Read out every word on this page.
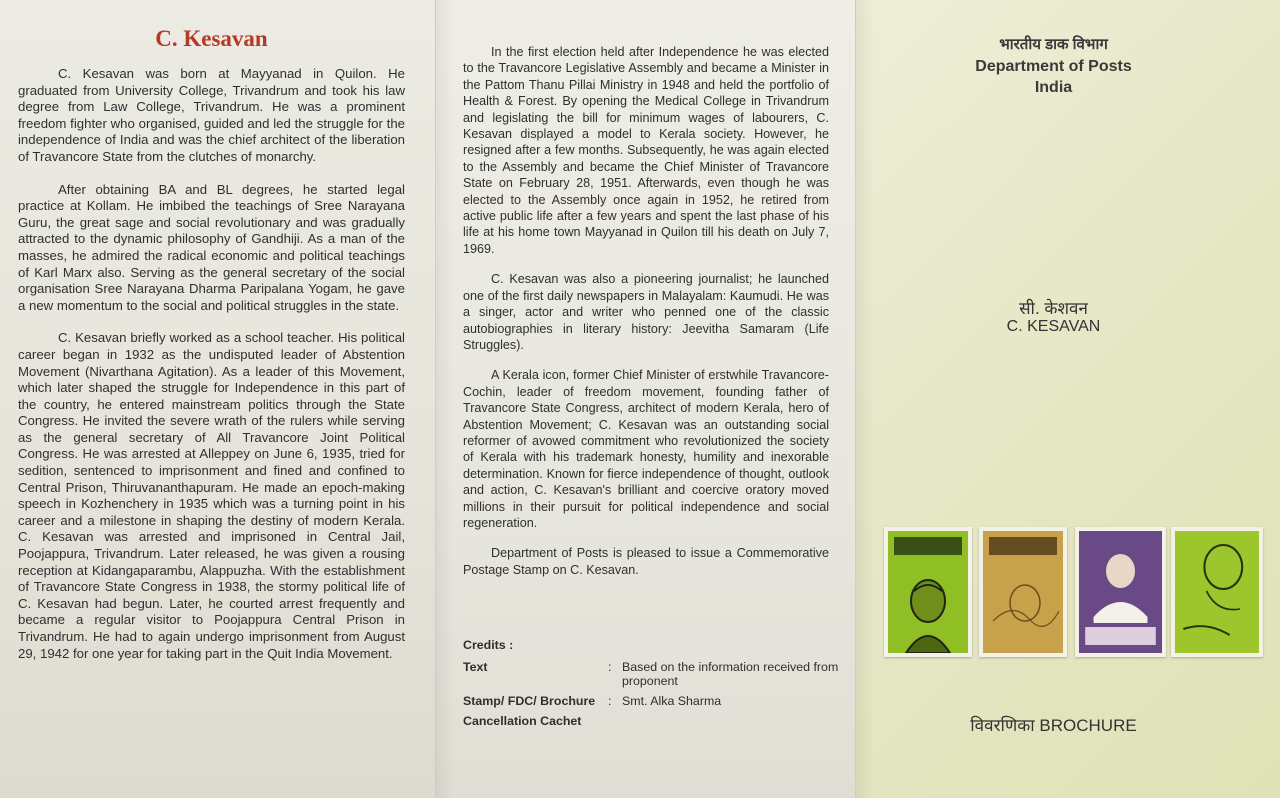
C. Kesavan

C. Kesavan was born at Mayyanad in Quilon. He graduated from University College, Trivandrum and took his law degree from Law College, Trivandrum. He was a prominent freedom fighter who organised, guided and led the struggle for the independence of India and was the chief architect of the liberation of Travancore State from the clutches of monarchy.

After obtaining BA and BL degrees, he started legal practice at Kollam. He imbibed the teachings of Sree Narayana Guru, the great sage and social revolutionary and was gradually attracted to the dynamic philosophy of Gandhiji. As a man of the masses, he admired the radical economic and political teachings of Karl Marx also. Serving as the general secretary of the social organisation Sree Narayana Dharma Paripalana Yogam, he gave a new momentum to the social and political struggles in the state.

C. Kesavan briefly worked as a school teacher. His political career began in 1932 as the undisputed leader of Abstention Movement (Nivarthana Agitation). As a leader of this Movement, which later shaped the struggle for Independence in this part of the country, he entered mainstream politics through the State Congress. He invited the severe wrath of the rulers while serving as the general secretary of All Travancore Joint Political Congress. He was arrested at Alleppey on June 6, 1935, tried for sedition, sentenced to imprisonment and fined and confined to Central Prison, Thiruvananthapuram. He made an epoch-making speech in Kozhenchery in 1935 which was a turning point in his career and a milestone in shaping the destiny of modern Kerala. C. Kesavan was arrested and imprisoned in Central Jail, Poojappura, Trivandrum. Later released, he was given a rousing reception at Kidangaparambu, Alappuzha. With the establishment of Travancore State Congress in 1938, the stormy political life of C. Kesavan had begun. Later, he courted arrest frequently and became a regular visitor to Poojappura Central Prison in Trivandrum. He had to again undergo imprisonment from August 29, 1942 for one year for taking part in the Quit India Movement.

In the first election held after Independence he was elected to the Travancore Legislative Assembly and became a Minister in the Pattom Thanu Pillai Ministry in 1948 and held the portfolio of Health & Forest. By opening the Medical College in Trivandrum and legislating the bill for minimum wages of labourers, C. Kesavan displayed a model to Kerala society. However, he resigned after a few months. Subsequently, he was again elected to the Assembly and became the Chief Minister of Travancore State on February 28, 1951. Afterwards, even though he was elected to the Assembly once again in 1952, he retired from active public life after a few years and spent the last phase of his life at his home town Mayyanad in Quilon till his death on July 7, 1969.

C. Kesavan was also a pioneering journalist; he launched one of the first daily newspapers in Malayalam: Kaumudi. He was a singer, actor and writer who penned one of the classic autobiographies in literary history: Jeevitha Samaram (Life Struggles).

A Kerala icon, former Chief Minister of erstwhile Travancore-Cochin, leader of freedom movement, founding father of Travancore State Congress, architect of modern Kerala, hero of Abstention Movement; C. Kesavan was an outstanding social reformer of avowed commitment who revolutionized the society of Kerala with his trademark honesty, humility and inexorable determination. Known for fierce independence of thought, outlook and action, C. Kesavan's brilliant and coercive oratory moved millions in their pursuit for political independence and social regeneration.

Department of Posts is pleased to issue a Commemorative Postage Stamp on C. Kesavan.

Credits :
Text	: Based on the information received from proponent
Stamp/ FDC/ Brochure	: Smt. Alka Sharma
Cancellation Cachet
भारतीय डाक विभाग
Department of Posts
India
सी. केशवन
C. KESAVAN
विवरणिका BROCHURE
